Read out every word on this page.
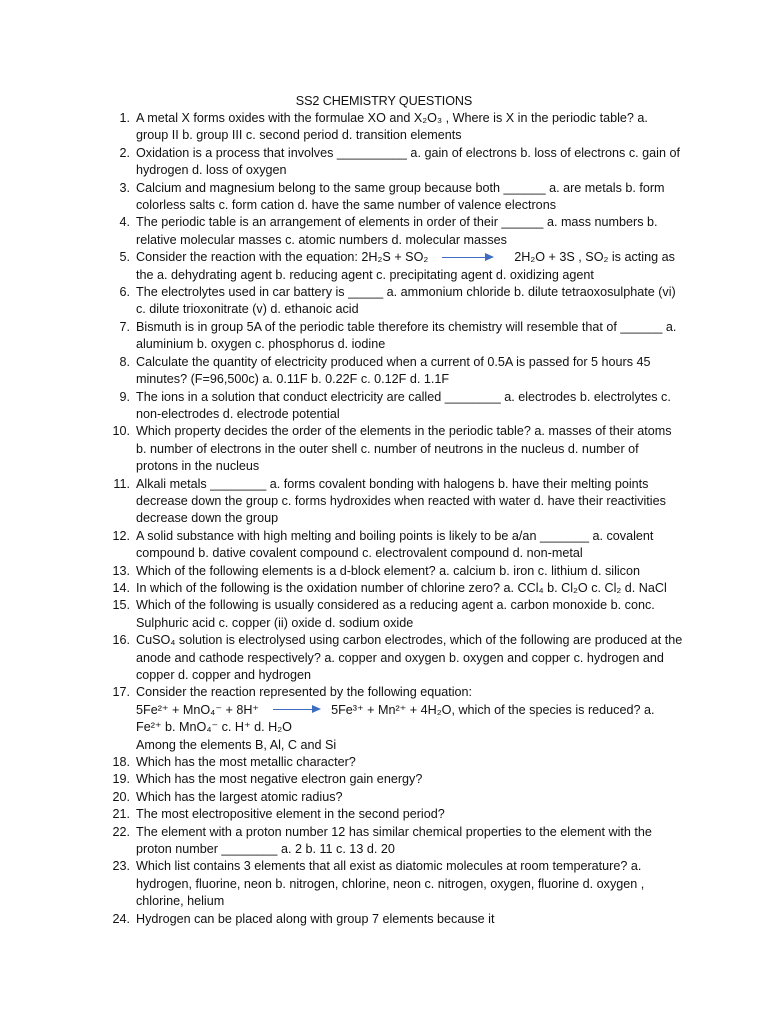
SS2 CHEMISTRY QUESTIONS
1 . A metal X forms oxides with the formulae XO and X₂O₃ , Where is X in the periodic table? a. group II b. group III c. second period d. transition elements
2 . Oxidation is a process that involves __________ a. gain of electrons b. loss of electrons c. gain of hydrogen d. loss of oxygen
3 . Calcium and magnesium belong to the same group because both ______ a. are metals b. form colorless salts c. form cation d. have the same number of valence electrons
4 . The periodic table is an arrangement of elements in order of their ______ a. mass numbers b. relative molecular masses c. atomic numbers d. molecular masses
5 . Consider the reaction with the equation: 2H₂S + SO₂	2H₂O + 3S , SO₂ is acting as the a. dehydrating agent b. reducing agent c. precipitating agent d. oxidizing agent
6 . The electrolytes used in car battery is _____ a. ammonium chloride b. dilute tetraoxosulphate (vi) c. dilute trioxonitrate (v) d. ethanoic acid
7 . Bismuth is in group 5A of the periodic table therefore its chemistry will resemble that of ______ a. aluminium b. oxygen c. phosphorus d. iodine
8 . Calculate the quantity of electricity produced when a current of 0.5A is passed for 5 hours 45 minutes? (F=96,500c) a. 0.11F b. 0.22F c. 0.12F d. 1.1F
9 . The ions in a solution that conduct electricity are called ________ a. electrodes b. electrolytes c. non-electrodes d. electrode potential
10 . Which property decides the order of the elements in the periodic table? a. masses of their atoms b. number of electrons in the outer shell c. number of neutrons in the nucleus d. number of protons in the nucleus
11 . Alkali metals ________ a. forms covalent bonding with halogens b. have their melting points decrease down the group c. forms hydroxides when reacted with water d. have their reactivities decrease down the group
12 . A solid substance with high melting and boiling points is likely to be a/an _______ a. covalent compound b. dative covalent compound c. electrovalent compound d. non-metal
13 . Which of the following elements is a d-block element? a. calcium b. iron c. lithium d. silicon
14 . In which of the following is the oxidation number of chlorine zero? a. CCl₄ b. Cl₂O c. Cl₂ d. NaCl
15 . Which of the following is usually considered as a reducing agent a. carbon monoxide b. conc. Sulphuric acid c. copper (ii) oxide d. sodium oxide
16 . CuSO₄ solution is electrolysed using carbon electrodes, which of the following are produced at the anode and cathode respectively? a. copper and oxygen b. oxygen and copper c. hydrogen and copper d. copper and hydrogen
17 . Consider the reaction represented by the following equation:
5Fe²⁺ + MnO₄⁻ + 8H⁺	5Fe³⁺ + Mn²⁺ + 4H₂O, which of the species is reduced? a. Fe²⁺ b. MnO₄⁻ c. H⁺ d. H₂O
Among the elements B, Al, C and Si
18 . Which has the most metallic character?
19 . Which has the most negative electron gain energy?
20 . Which has the largest atomic radius?
21 . The most electropositive element in the second period?
22 . The element with a proton number 12 has similar chemical properties to the element with the proton number ________ a. 2 b. 11 c. 13 d. 20
23 . Which list contains 3 elements that all exist as diatomic molecules at room temperature? a. hydrogen, fluorine, neon b. nitrogen, chlorine, neon c. nitrogen, oxygen, fluorine d. oxygen , chlorine, helium
24 . Hydrogen can be placed along with group 7 elements because it
